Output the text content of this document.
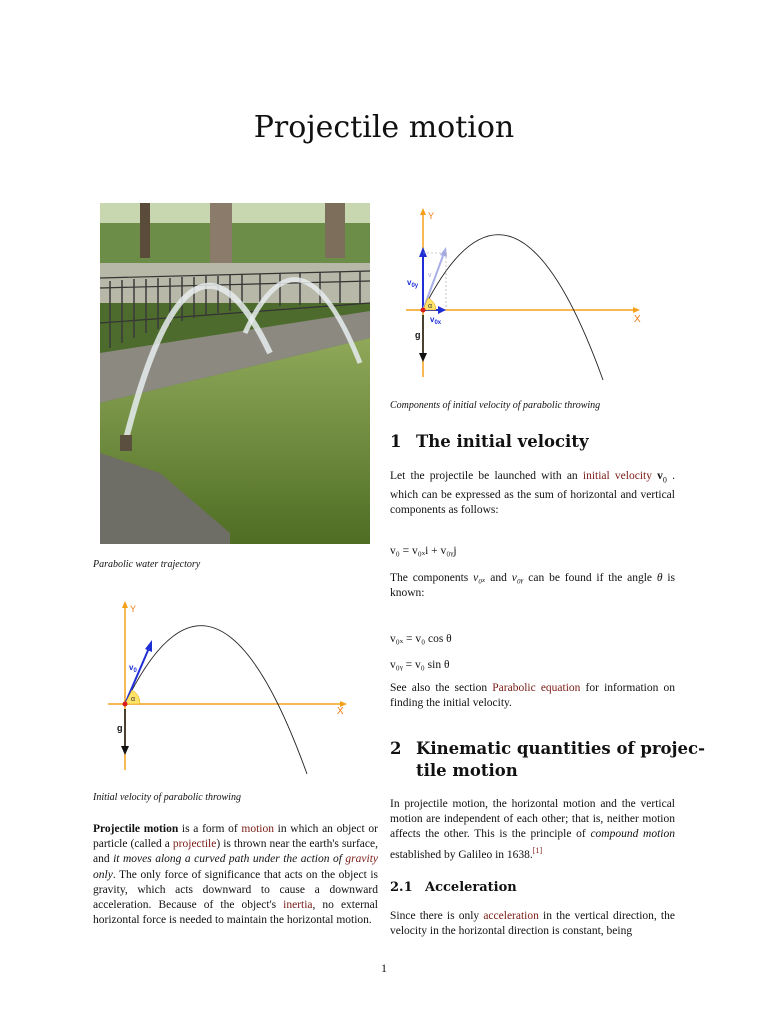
Projectile motion
Parabolic water trajectory
Y
X
α
$v_{0y}$
$v_{0x}$
v
g
Components of initial velocity of parabolic throwing
Y
X
α
$v_0$
g
Initial velocity of parabolic throwing
Projectile motion is a form of motion in which an object or particle (called a projectile) is thrown near the earth's surface, and it moves along a curved path under the action of gravity only. The only force of significance that acts on the object is gravity, which acts downward to cause a downward acceleration. Because of the object's inertia, no external horizontal force is needed to maintain the horizontal motion.
1 The initial velocity
Let the projectile be launched with an initial velocity $v_0$ . which can be expressed as the sum of horizontal and vertical components as follows:
v₀ = v₀ₓi + v₀ᵧj
The components v₀ₓ and v₀ᵧ can be found if the angle θ is known:
v₀ₓ = v₀ cos θ
v₀ᵧ = v₀ sin θ
See also the section Parabolic equation for information on finding the initial velocity.
2 Kinematic quantities of projec-
tile motion
In projectile motion, the horizontal motion and the vertical motion are independent of each other; that is, neither motion affects the other. This is the principle of compound motion established by Galileo in 1638.[1]
2.1 Acceleration
Since there is only acceleration in the vertical direction, the velocity in the horizontal direction is constant, being
1
